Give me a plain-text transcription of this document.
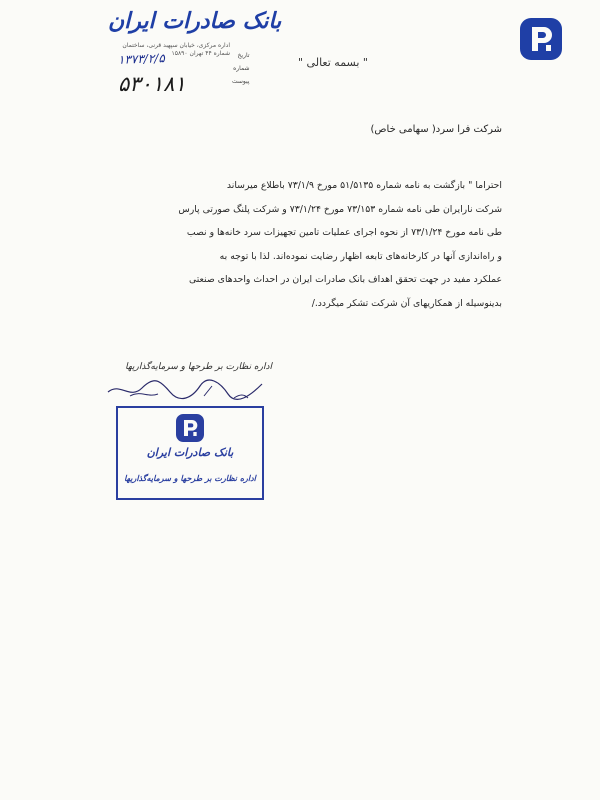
بانک صادرات ایران
اداره مرکزی، خیابان سپهبد قرنی، ساختمان شماره ۴۴ تهران ۱۵۸۹۰	تاریخ
شماره
پیوست
۱۳۷۳/۲/۵
۵۳۰۱۸۱
" بسمه تعالی "
شرکت فرا سرد( سهامی خاص)

احتراما " بازگشت به نامه شماره ۵۱/۵۱۳۵ مورخ ۷۳/۱/۹ باطلاع میرساند

شرکت نارایران طی نامه شماره ۷۳/۱۵۳ مورخ ۷۳/۱/۲۴ و شرکت پلنگ صورتی پارس

طی نامه مورخ ۷۳/۱/۲۴ از نحوه اجرای عملیات تامین تجهیزات سرد خانه‌ها و نصب

و راه‌اندازی آنها در کارخانه‌های تابعه اظهار رضایت نموده‌اند. لذا با توجه به

عملکرد مفید در جهت تحقق اهداف بانک صادرات ایران در احداث واحدهای صنعتی

بدینوسیله از همکاریهای آن شرکت تشکر میگردد./

اداره نظارت بر طرحها و سرمایه‌گذاریها
بانک صادرات ایران
اداره نظارت بر طرحها و سرمایه‌گذاریها
